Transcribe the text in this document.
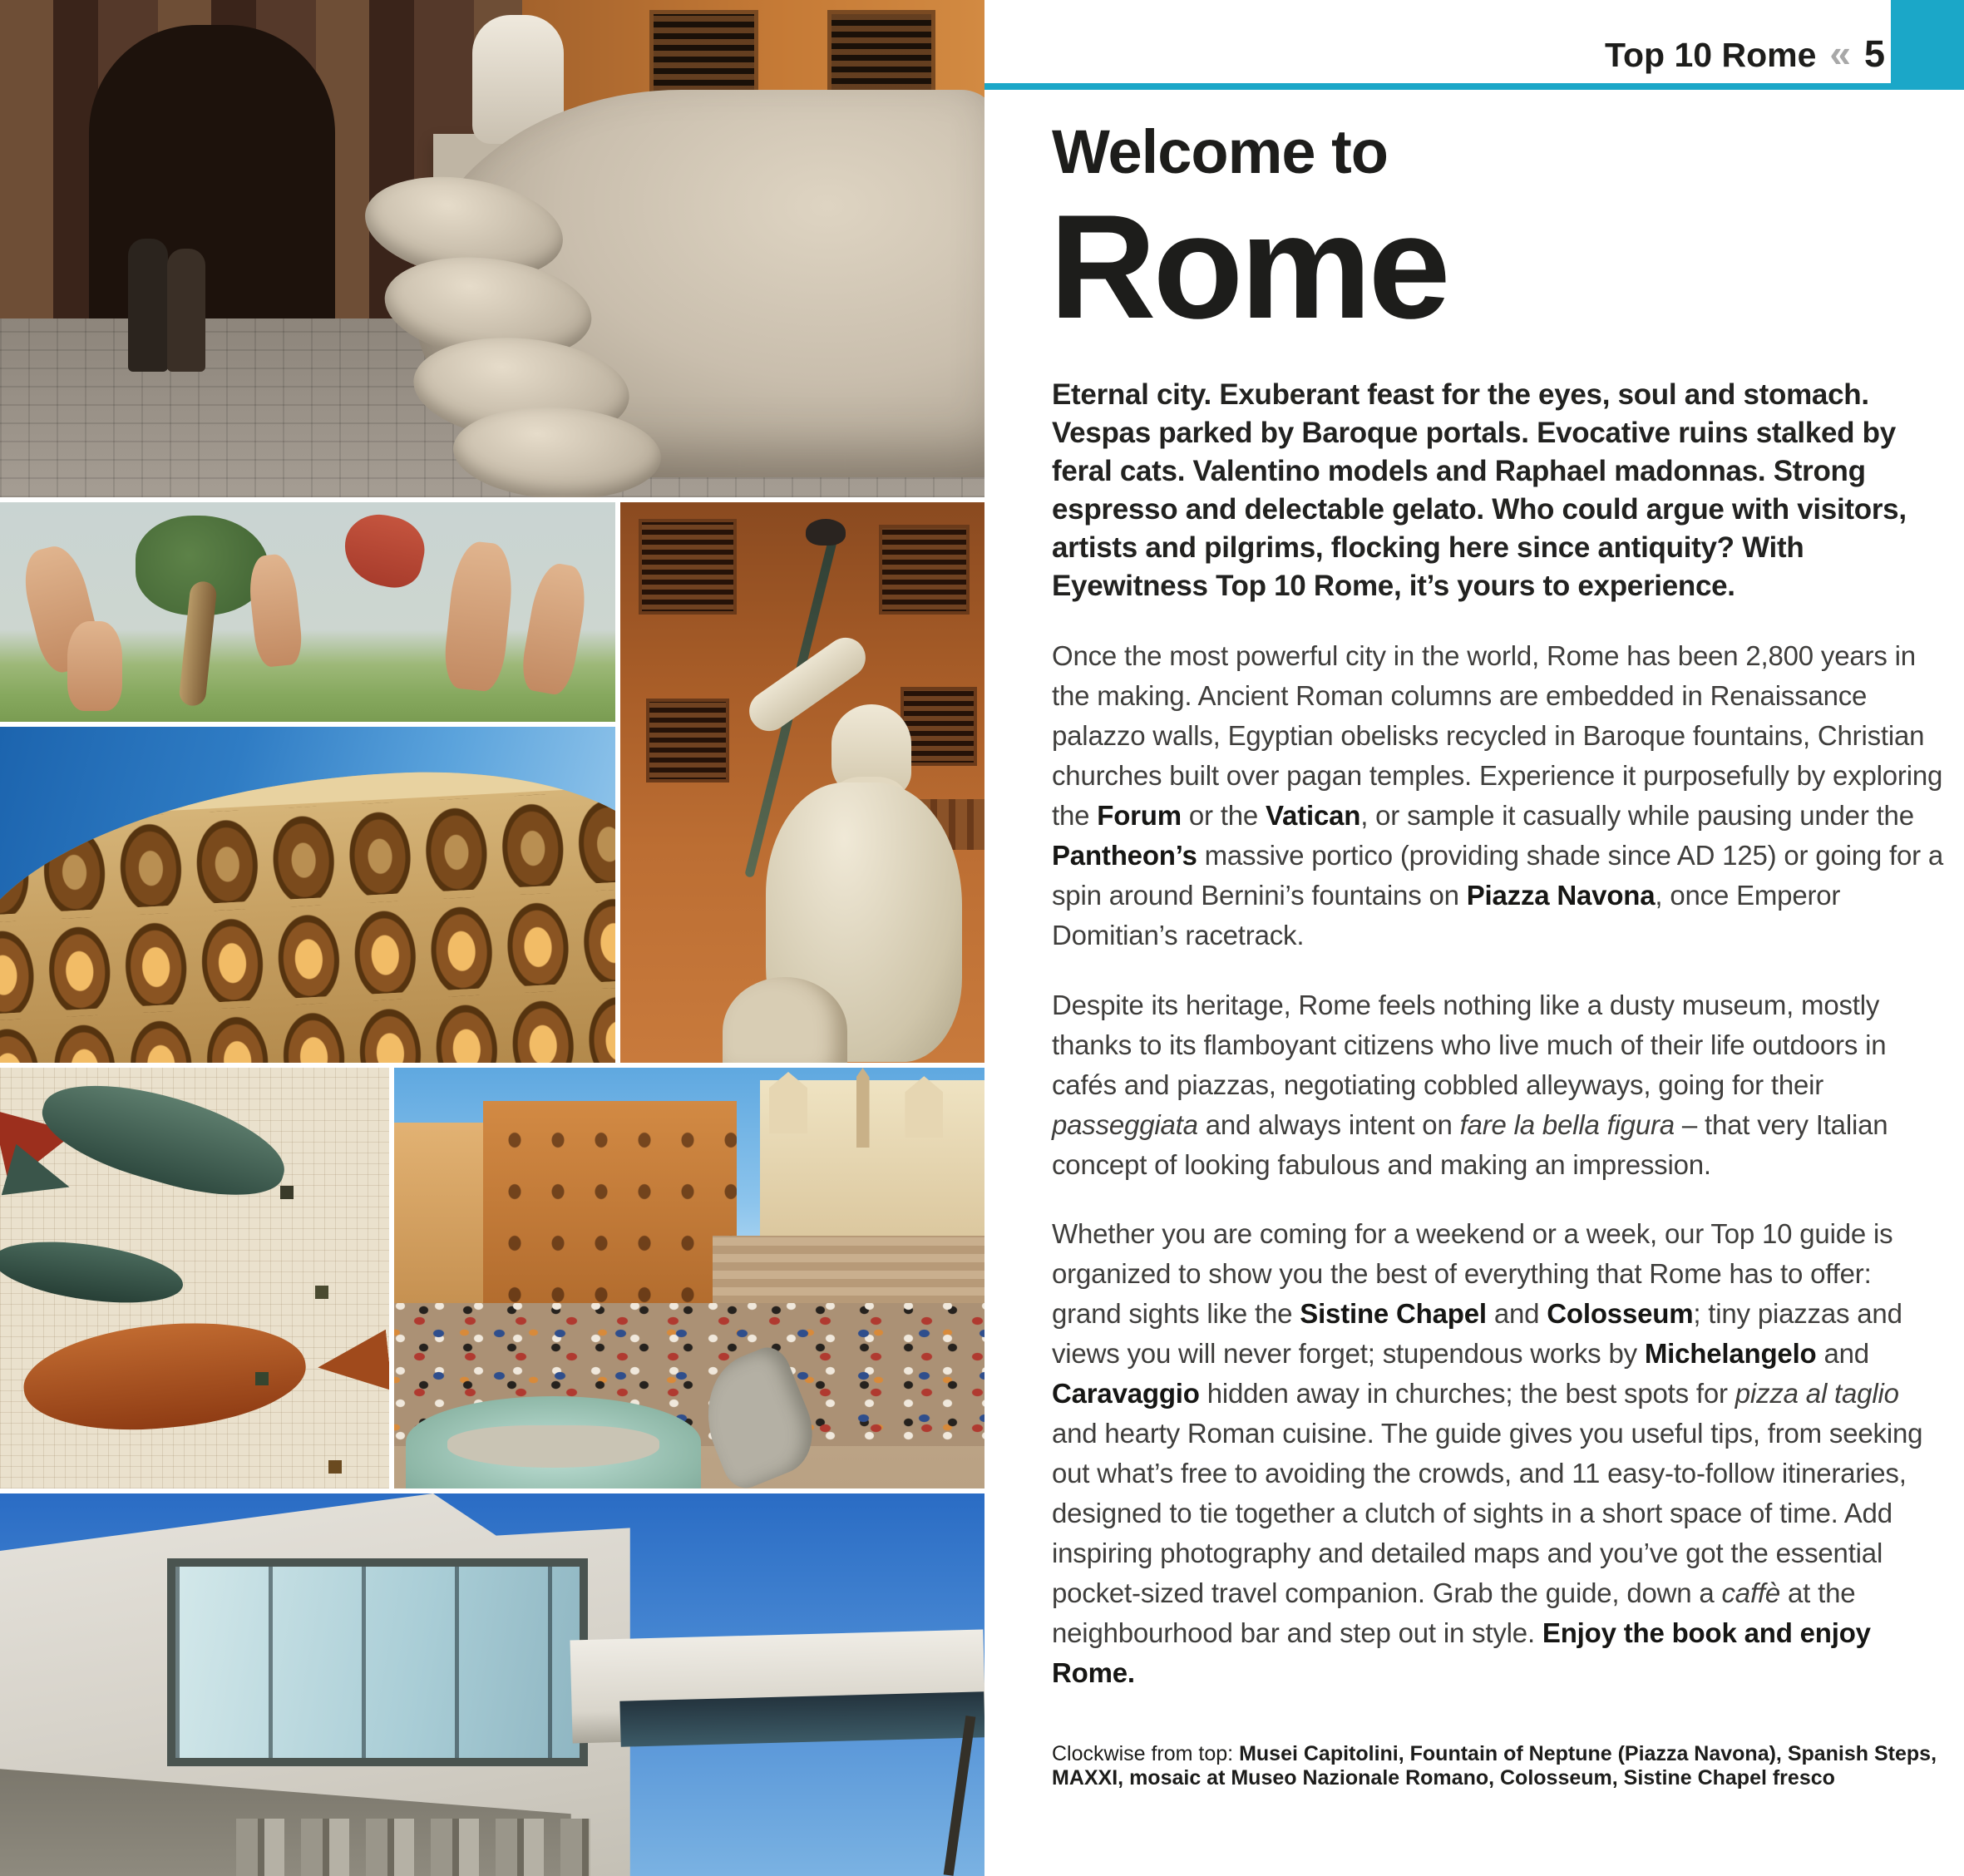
Top 10 Rome « 5
Welcome to
Rome

Eternal city. Exuberant feast for the eyes, soul and stomach. Vespas parked by Baroque portals. Evocative ruins stalked by feral cats. Valentino models and Raphael madonnas. Strong espresso and delectable gelato. Who could argue with visitors, artists and pilgrims, flocking here since antiquity? With Eyewitness Top 10 Rome, it’s yours to experience.

Once the most powerful city in the world, Rome has been 2,800 years in the making. Ancient Roman columns are embedded in Renaissance palazzo walls, Egyptian obelisks recycled in Baroque fountains, Christian churches built over pagan temples. Experience it purposefully by exploring the Forum or the Vatican, or sample it casually while pausing under the Pantheon’s massive portico (providing shade since AD 125) or going for a spin around Bernini’s fountains on Piazza Navona, once Emperor Domitian’s racetrack.

Despite its heritage, Rome feels nothing like a dusty museum, mostly thanks to its flamboyant citizens who live much of their life outdoors in cafés and piazzas, negotiating cobbled alleyways, going for their passeggiata and always intent on fare la bella figura – that very Italian concept of looking fabulous and making an impression.

Whether you are coming for a weekend or a week, our Top 10 guide is organized to show you the best of everything that Rome has to offer: grand sights like the Sistine Chapel and Colosseum; tiny piazzas and views you will never forget; stupendous works by Michelangelo and Caravaggio hidden away in churches; the best spots for pizza al taglio and hearty Roman cuisine. The guide gives you useful tips, from seeking out what’s free to avoiding the crowds, and 11 easy-to-follow itineraries, designed to tie together a clutch of sights in a short space of time. Add inspiring photography and detailed maps and you’ve got the essential pocket-sized travel companion. Grab the guide, down a caffè at the neighbourhood bar and step out in style. Enjoy the book and enjoy Rome.

Clockwise from top: Musei Capitolini, Fountain of Neptune (Piazza Navona), Spanish Steps, MAXXI, mosaic at Museo Nazionale Romano, Colosseum, Sistine Chapel fresco
